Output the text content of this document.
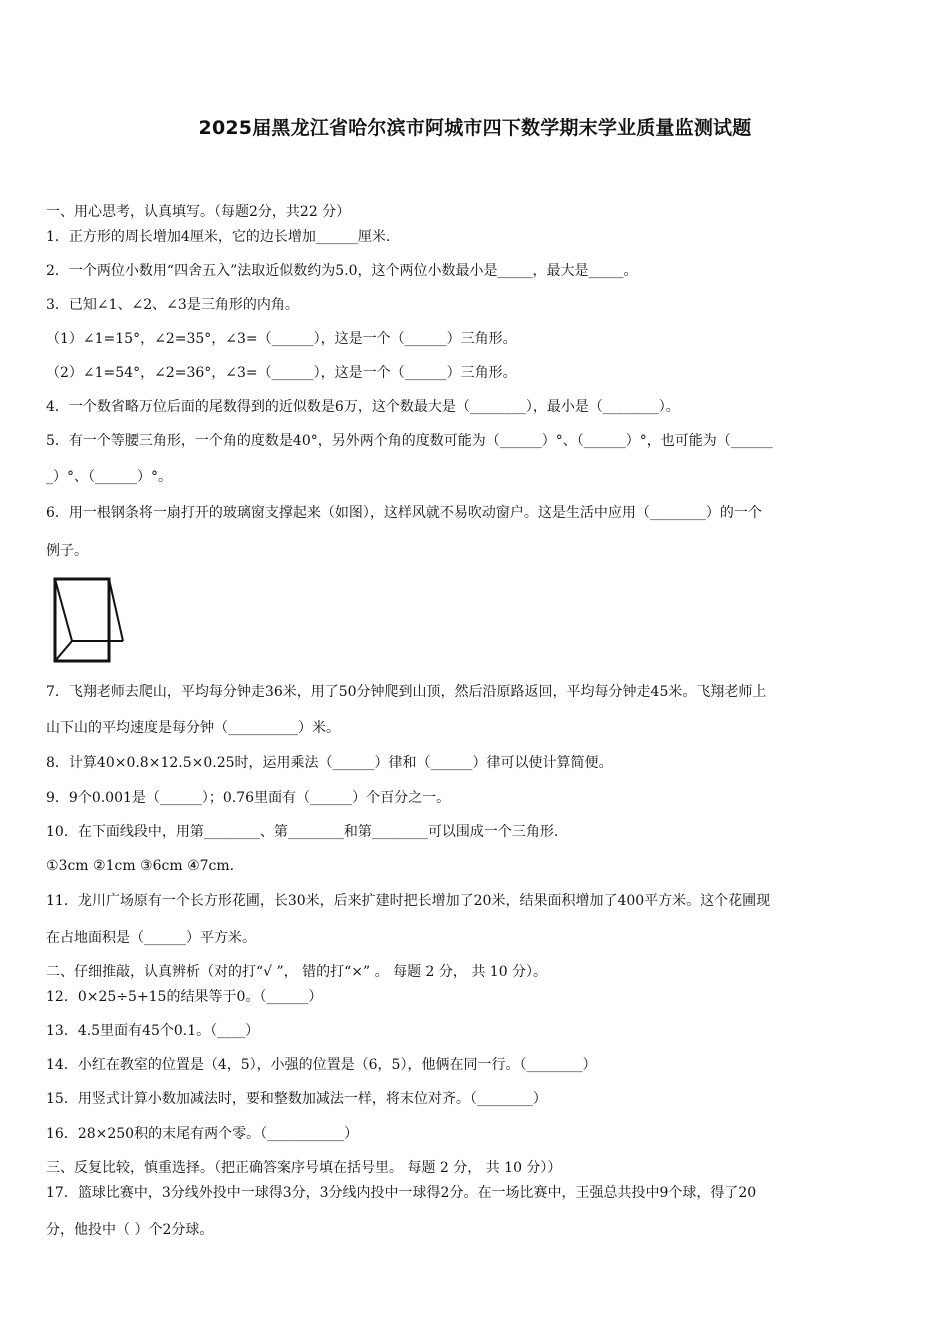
2025届黑龙江省哈尔滨市阿城市四下数学期末学业质量监测试题
一、用心思考，认真填写。（每题2分，共22 分）
1．正方形的周长增加4厘米，它的边长增加______厘米.
2．一个两位小数用“四舍五入”法取近似数约为5.0，这个两位小数最小是_____，最大是_____。
3．已知∠1、∠2、∠3是三角形的内角。
（1）∠1=15°，∠2=35°，∠3=（______），这是一个（______）三角形。
（2）∠1=54°，∠2=36°，∠3=（______），这是一个（______）三角形。
4．一个数省略万位后面的尾数得到的近似数是6万，这个数最大是（________），最小是（________）。
5．有一个等腰三角形，一个角的度数是40°，另外两个角的度数可能为（______）°、（______）°，也可能为（______
_）°、（______）°。
6．用一根钢条将一扇打开的玻璃窗支撑起来（如图），这样风就不易吹动窗户。这是生活中应用（________）的一个
例子。
7．飞翔老师去爬山，平均每分钟走36米，用了50分钟爬到山顶，然后沿原路返回，平均每分钟走45米。飞翔老师上
山下山的平均速度是每分钟（__________）米。
8．计算40×0.8×12.5×0.25时，运用乘法（______）律和（______）律可以使计算简便。
9．9个0.001是（______）；0.76里面有（______）个百分之一。
10．在下面线段中，用第________、第________和第________可以围成一个三角形.
①3cm ②1cm ③6cm ④7cm.
11．龙川广场原有一个长方形花圃，长30米，后来扩建时把长增加了20米，结果面积增加了400平方米。这个花圃现
在占地面积是（______）平方米。
二、仔细推敲，认真辨析（对的打“√ ”， 错的打“×” 。 每题 2 分， 共 10 分）。
12．0×25÷5+15的结果等于0。（______）
13．4.5里面有45个0.1。（____）
14．小红在教室的位置是（4，5），小强的位置是（6，5），他俩在同一行。（________）
15．用竖式计算小数加减法时，要和整数加减法一样，将末位对齐。（________）
16．28×250积的末尾有两个零。（___________）
三、反复比较，慎重选择。（把正确答案序号填在括号里。 每题 2 分， 共 10 分））
17．篮球比赛中，3分线外投中一球得3分，3分线内投中一球得2分。在一场比赛中，王强总共投中9个球，得了20
分，他投中（ ）个2分球。
